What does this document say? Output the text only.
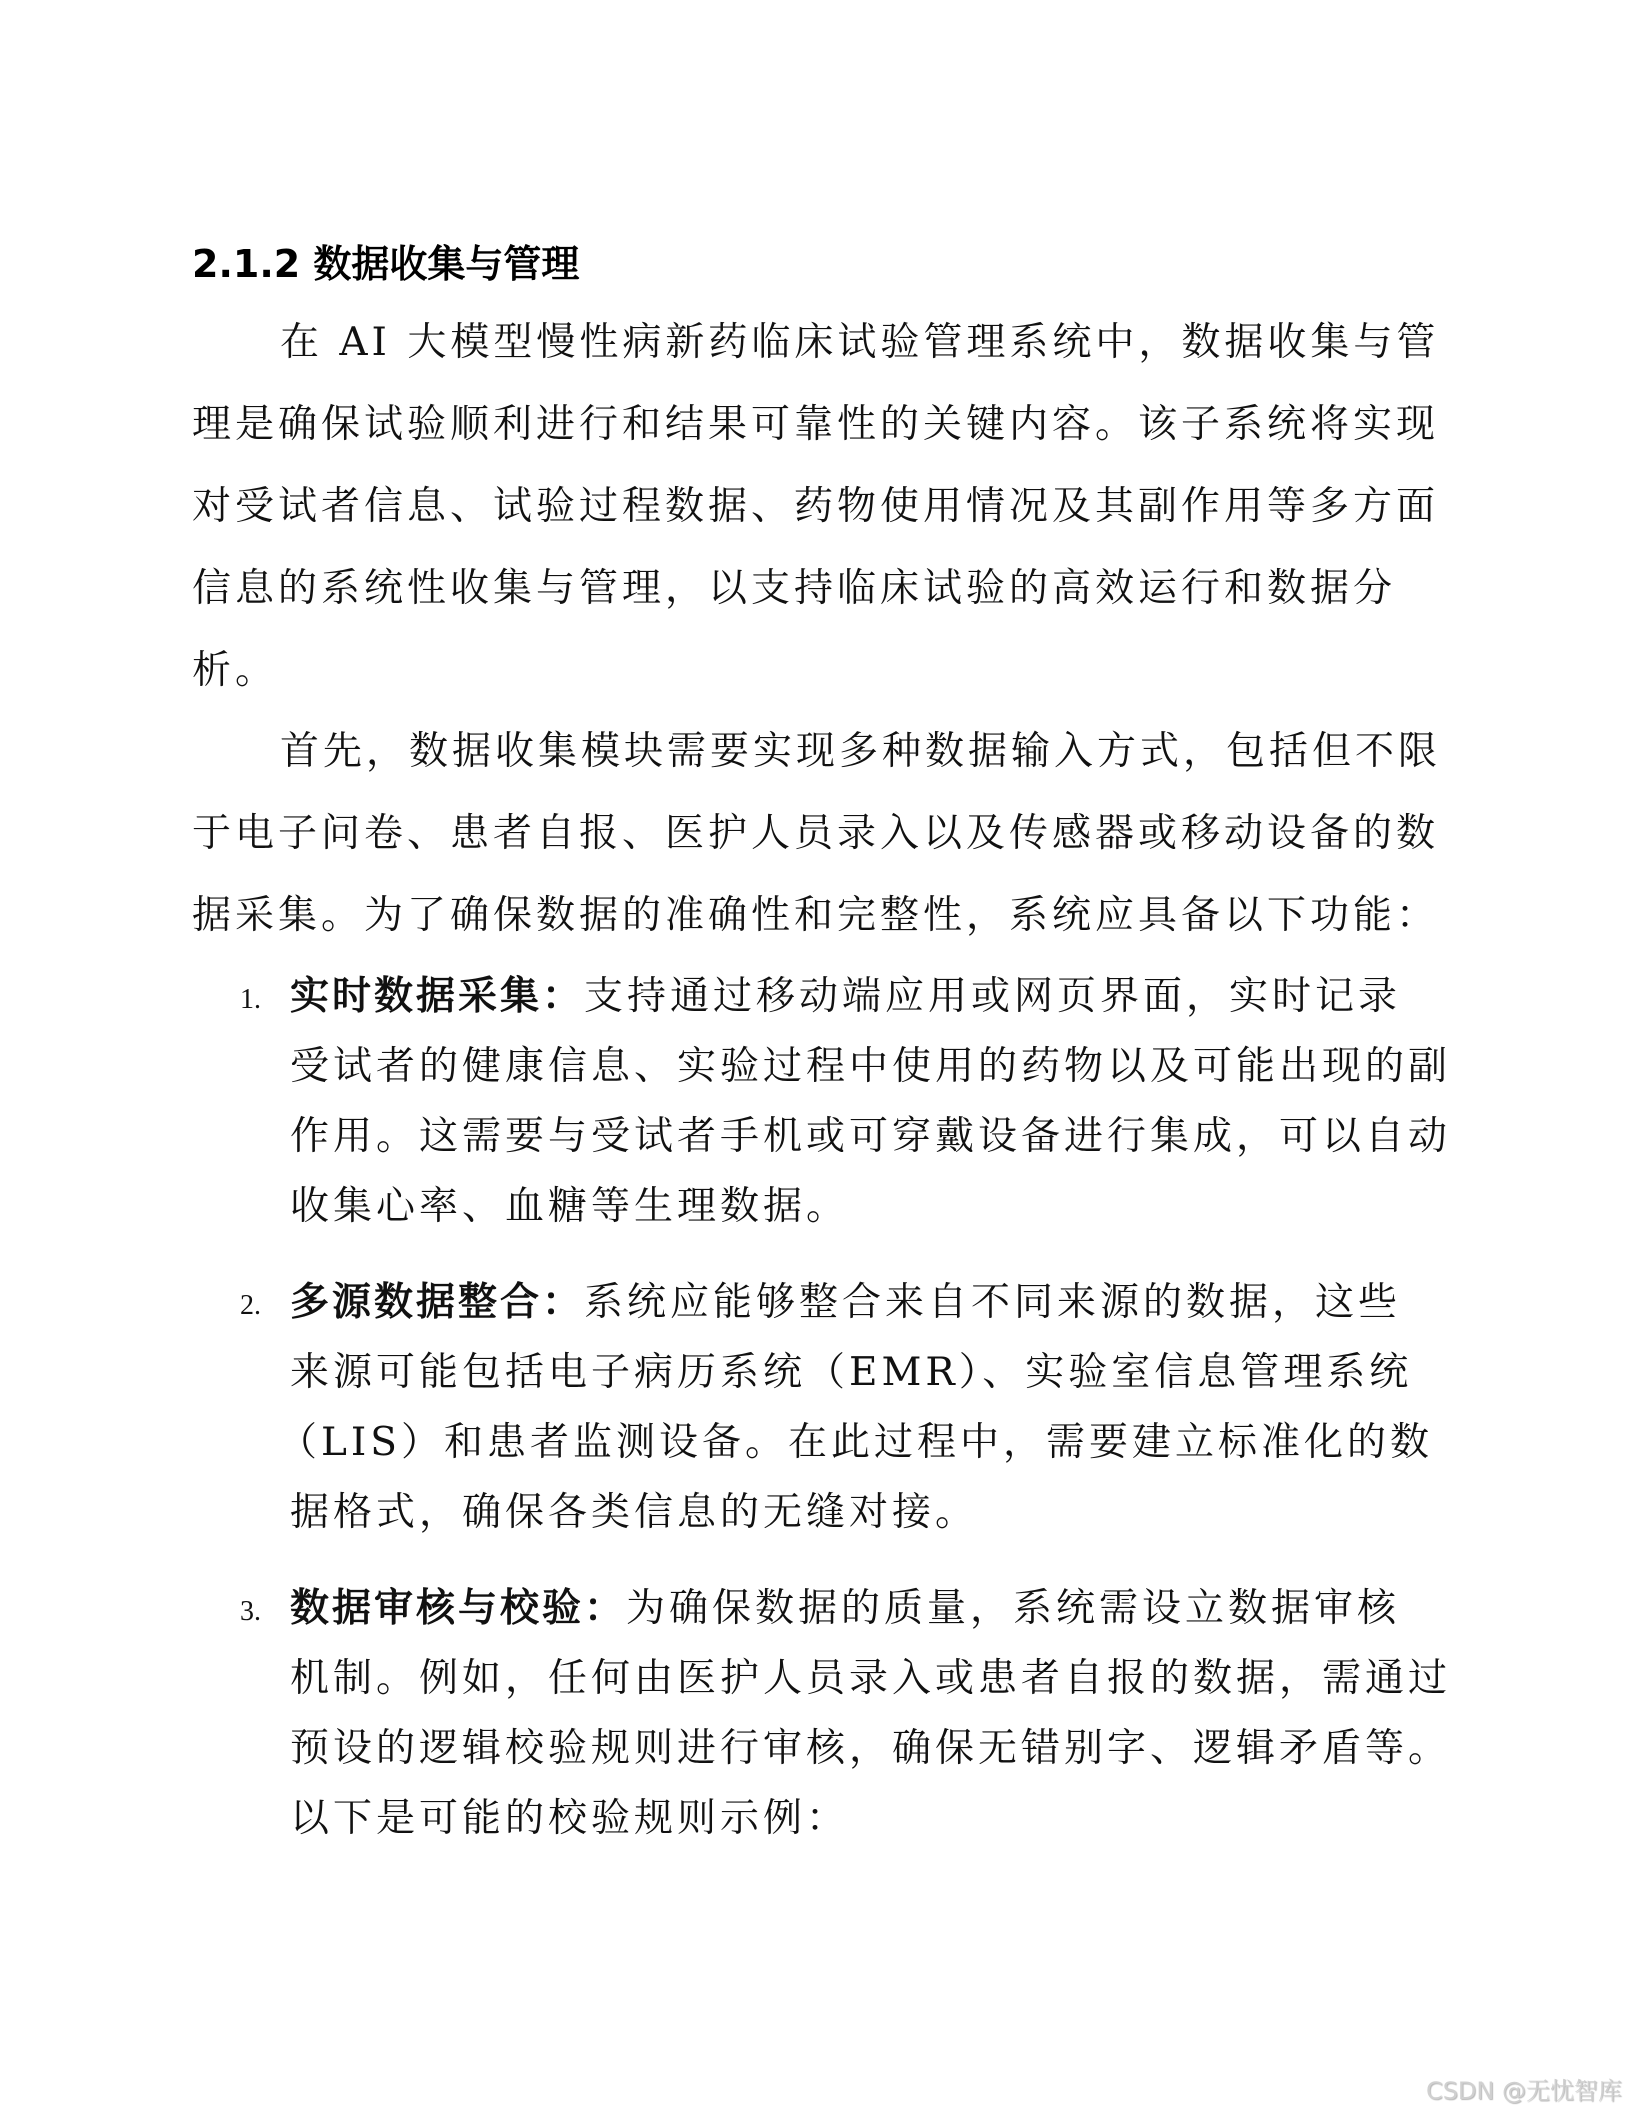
2.1.2 数据收集与管理
在 AI 大模型慢性病新药临床试验管理系统中，数据收集与管
理是确保试验顺利进行和结果可靠性的关键内容。该子系统将实现
对受试者信息、试验过程数据、药物使用情况及其副作用等多方面
信息的系统性收集与管理，以支持临床试验的高效运行和数据分
析。
首先，数据收集模块需要实现多种数据输入方式，包括但不限
于电子问卷、患者自报、医护人员录入以及传感器或移动设备的数
据采集。为了确保数据的准确性和完整性，系统应具备以下功能：
1. 实时数据采集：支持通过移动端应用或网页界面，实时记录
受试者的健康信息、实验过程中使用的药物以及可能出现的副
作用。这需要与受试者手机或可穿戴设备进行集成，可以自动
收集心率、血糖等生理数据。
2. 多源数据整合：系统应能够整合来自不同来源的数据，这些
来源可能包括电子病历系统（EMR）、实验室信息管理系统
（LIS）和患者监测设备。在此过程中，需要建立标准化的数
据格式，确保各类信息的无缝对接。
3. 数据审核与校验：为确保数据的质量，系统需设立数据审核
机制。例如，任何由医护人员录入或患者自报的数据，需通过
预设的逻辑校验规则进行审核，确保无错别字、逻辑矛盾等。
以下是可能的校验规则示例：
CSDN @无忧智库
